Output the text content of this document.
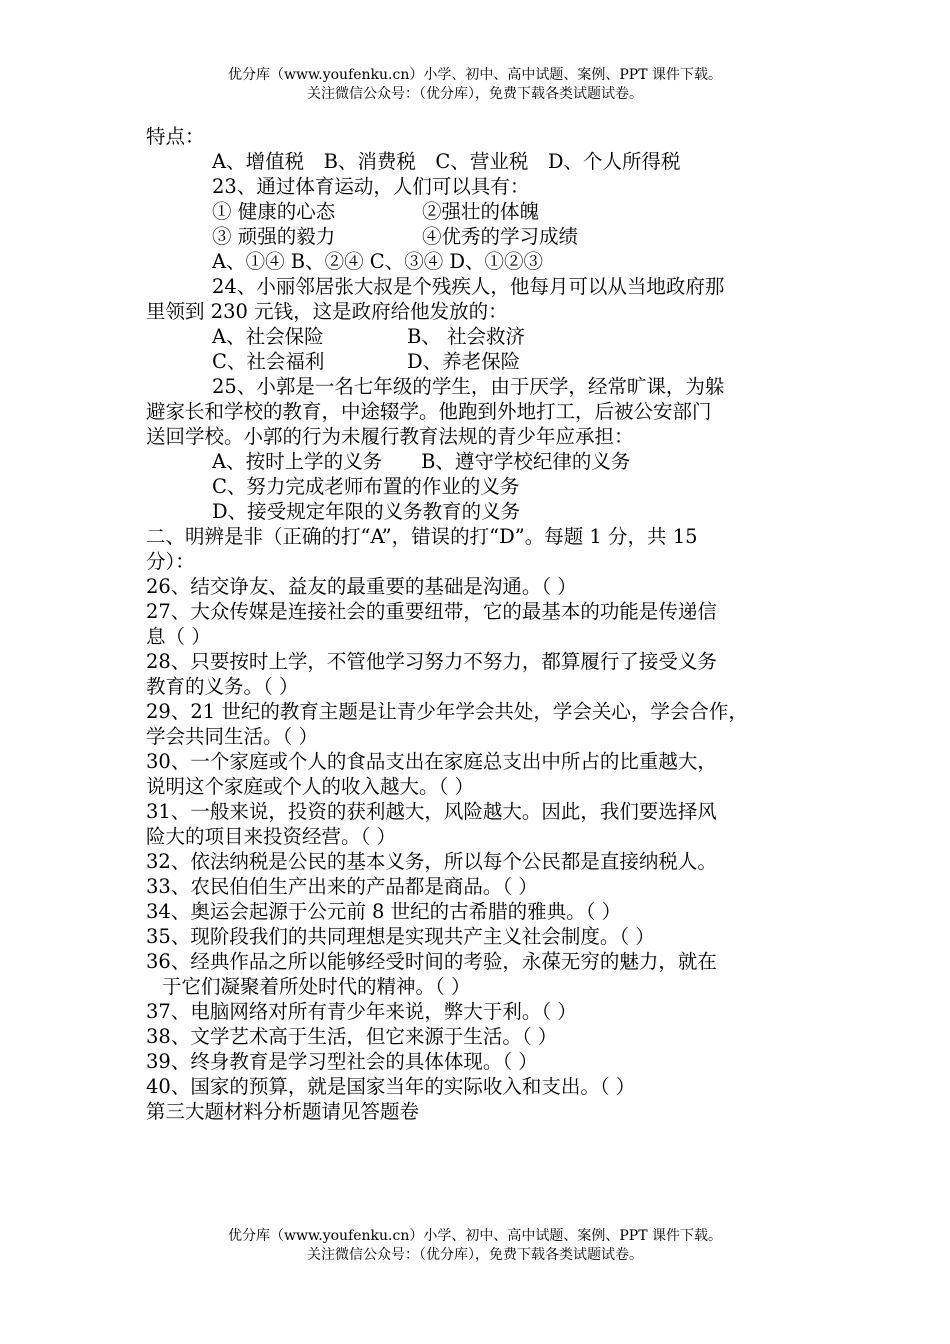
优分库（www.youfenku.cn）小学、初中、高中试题、案例、PPT 课件下载。
关注微信公众号：（优分库），免费下载各类试题试卷。

特点：

A、增值税　B、消费税　C、营业税　D、个人所得税

23、通过体育运动，人们可以具有：

① 健康的心态	②强壮的体魄

③ 顽强的毅力	④优秀的学习成绩

A、①④ B、②④ C、③④ D、①②③

24、小丽邻居张大叔是个残疾人，他每月可以从当地政府那

里领到 230 元钱，这是政府给他发放的：

A、社会保险	B、 社会救济

C、社会福利	D、养老保险

25、小郭是一名七年级的学生，由于厌学，经常旷课，为躲

避家长和学校的教育，中途辍学。他跑到外地打工，后被公安部门

送回学校。小郭的行为未履行教育法规的青少年应承担：

A、按时上学的义务　　B、遵守学校纪律的义务

C、努力完成老师布置的作业的义务

D、接受规定年限的义务教育的义务

二、明辨是非（正确的打“A”，错误的打“D”。每题 1 分，共 15

分）：

26、结交诤友、益友的最重要的基础是沟通。（ ）

27、大众传媒是连接社会的重要纽带，它的最基本的功能是传递信

息（ ）

28、只要按时上学，不管他学习努力不努力，都算履行了接受义务

教育的义务。（ ）

29、21 世纪的教育主题是让青少年学会共处，学会关心，学会合作，

学会共同生活。（ ）

30、一个家庭或个人的食品支出在家庭总支出中所占的比重越大，

说明这个家庭或个人的收入越大。（ ）

31、一般来说，投资的获利越大，风险越大。因此，我们要选择风

险大的项目来投资经营。（ ）

32、依法纳税是公民的基本义务，所以每个公民都是直接纳税人。

33、农民伯伯生产出来的产品都是商品。（ ）

34、奥运会起源于公元前 8 世纪的古希腊的雅典。（ ）

35、现阶段我们的共同理想是实现共产主义社会制度。（ ）

36、经典作品之所以能够经受时间的考验，永葆无穷的魅力，就在

于它们凝聚着所处时代的精神。（ ）

37、电脑网络对所有青少年来说，弊大于利。（ ）

38、文学艺术高于生活，但它来源于生活。（ ）

39、终身教育是学习型社会的具体体现。（ ）

40、国家的预算，就是国家当年的实际收入和支出。（ ）

第三大题材料分析题请见答题卷

优分库（www.youfenku.cn）小学、初中、高中试题、案例、PPT 课件下载。
关注微信公众号：（优分库），免费下载各类试题试卷。
